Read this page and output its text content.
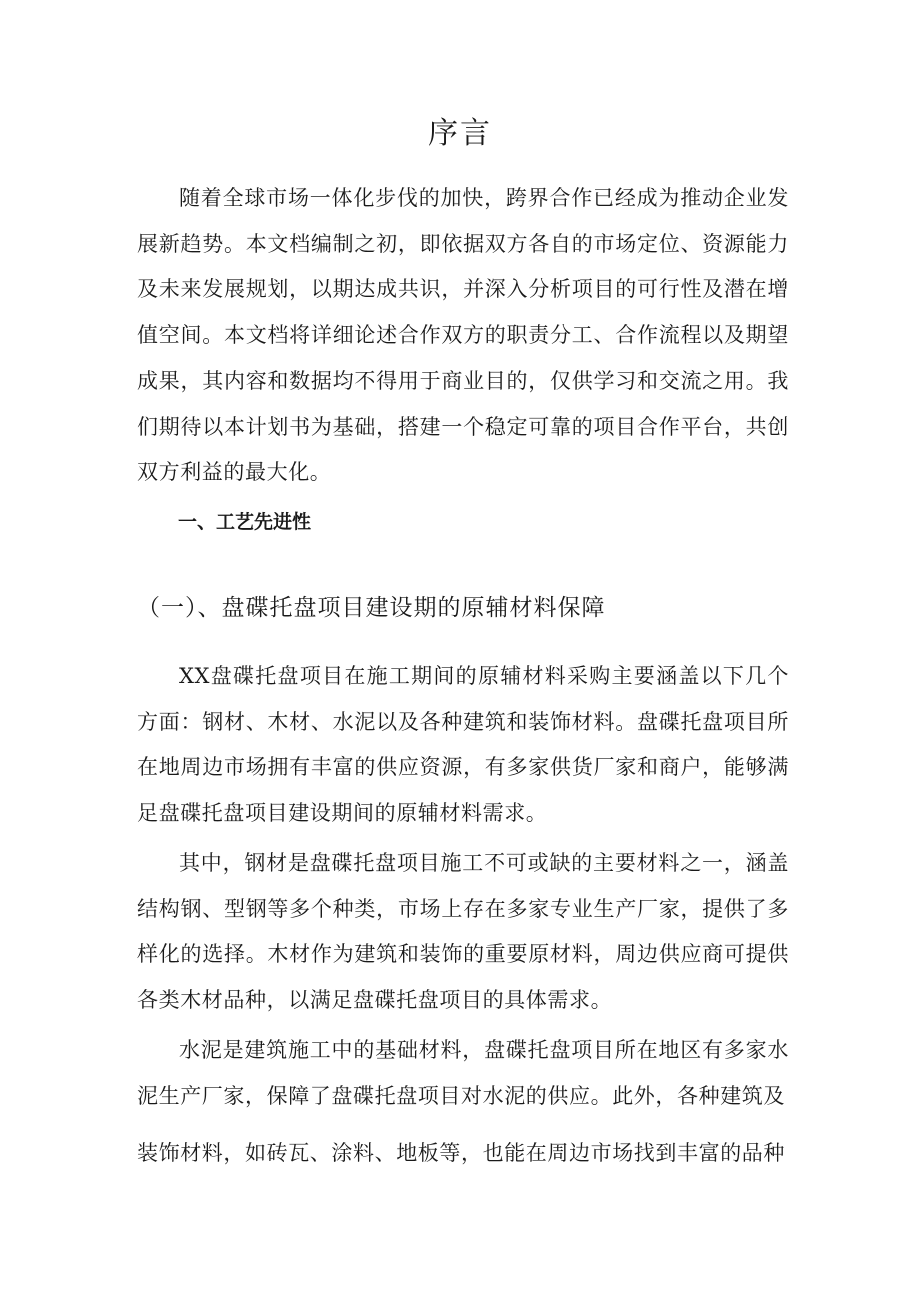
序言

随着全球市场一体化步伐的加快，跨界合作已经成为推动企业发展新趋势。本文档编制之初，即依据双方各自的市场定位、资源能力及未来发展规划，以期达成共识，并深入分析项目的可行性及潜在增值空间。本文档将详细论述合作双方的职责分工、合作流程以及期望成果，其内容和数据均不得用于商业目的，仅供学习和交流之用。我们期待以本计划书为基础，搭建一个稳定可靠的项目合作平台，共创双方利益的最大化。

一、工艺先进性
（一）、盘碟托盘项目建设期的原辅材料保障

XX盘碟托盘项目在施工期间的原辅材料采购主要涵盖以下几个方面：钢材、木材、水泥以及各种建筑和装饰材料。盘碟托盘项目所在地周边市场拥有丰富的供应资源，有多家供货厂家和商户，能够满足盘碟托盘项目建设期间的原辅材料需求。

其中，钢材是盘碟托盘项目施工不可或缺的主要材料之一，涵盖结构钢、型钢等多个种类，市场上存在多家专业生产厂家，提供了多样化的选择。木材作为建筑和装饰的重要原材料，周边供应商可提供各类木材品种，以满足盘碟托盘项目的具体需求。

水泥是建筑施工中的基础材料，盘碟托盘项目所在地区有多家水泥生产厂家，保障了盘碟托盘项目对水泥的供应。此外，各种建筑及

装饰材料，如砖瓦、涂料、地板等，也能在周边市场找到丰富的品种
